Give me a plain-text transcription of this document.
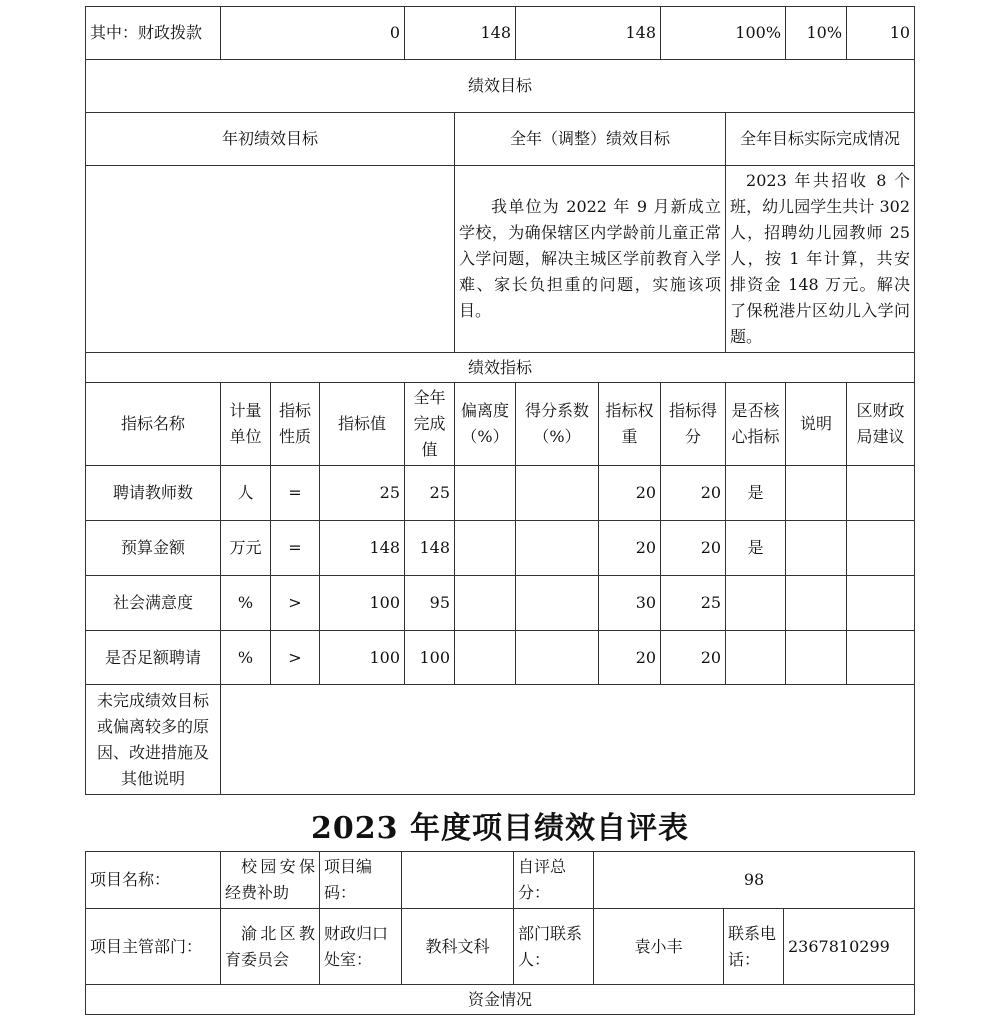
其中：财政拨款	0			148		148		100%		10%	10
绩效目标											
年初绩效目标					全年（调整）绩效目标				全年目标实际完成情况		
					我单位为 2022 年 9 月新成立学校，为确保辖区内学龄前儿童正常入学问题，解决主城区学前教育入学难、家长负担重的问题，实施该项目。				2023 年共招收 8 个班，幼儿园学生共计 302 人，招聘幼儿园教师 25 人，按 1 年计算，共安排资金 148 万元。解决了保税港片区幼儿入学问题。		
绩效指标											
指标名称	计量单位	指标性质	指标值	全年完成值	偏离度（%）	得分系数（%）	指标权重	指标得分	是否核心指标	说明	区财政局建议
聘请教师数	人	=	25	25			20	20	是		
预算金额	万元	=	148	148			20	20	是		
社会满意度	%	>	100	95			30	25			
是否足额聘请	%	>	100	100			20	20			
未完成绩效目标或偏离较多的原因、改进措施及其他说明											
2023 年度项目绩效自评表
项目名称：	校园安保经费补助	项目编码：		自评总分：	98		
项目主管部门：	渝北区教育委员会	财政归口处室：	教科文科	部门联系人：	袁小丰	联系电话：	2367810299
资金情况							
